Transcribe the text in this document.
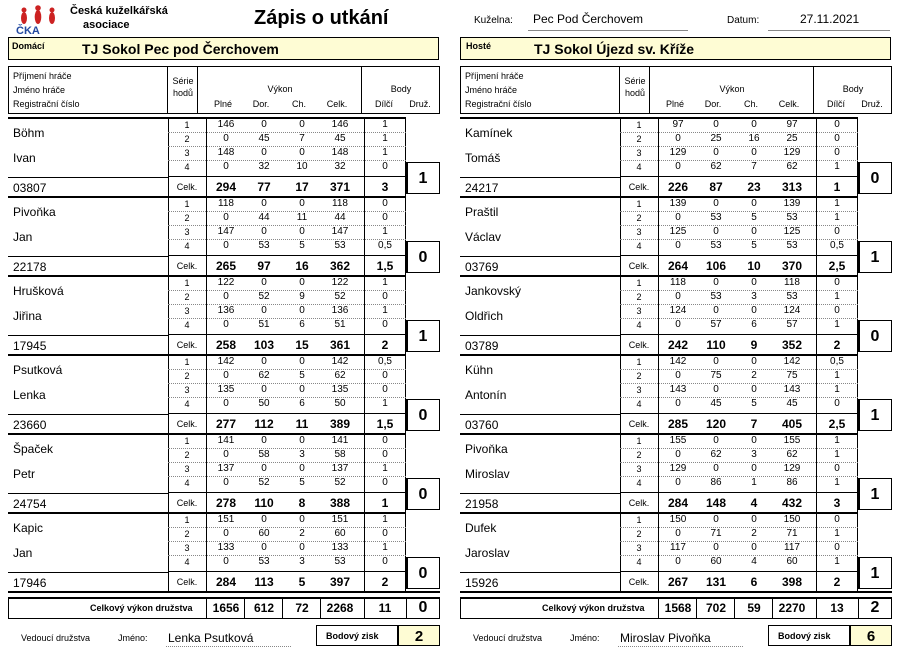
ČKA
Česká kuželkářská
asociace	Zápis o utkání	Kuželna: Pec Pod Čerchovem	Datum:	27.11.2021
Domácí	TJ Sokol Pec pod Čerchovem	Hosté	TJ Sokol Újezd sv. Kříže
Příjmení hráče
Jméno hráče
Registrační číslo
Série
hodů	Výkon
Plné	Dor.	Ch.	Celk.
Body
Dílčí	Druž.
Böhm
Ivan
03807
1	146	0	0	146	1
2	0	45	7	45	1
3	148	0	0	148	1
4	0	32	10	32	0
Celk.	294	77	17	371	3	1
Pivoňka
Jan
22178
1	118	0	0	118	0
2	0	44	11	44	0
3	147	0	0	147	1
4	0	53	5	53	0,5
Celk.	265	97	16	362	1,5	0
Hrušková
Jiřina
17945
1	122	0	0	122	1
2	0	52	9	52	0
3	136	0	0	136	1
4	0	51	6	51	0
Celk.	258	103	15	361	2	1
Psutková
Lenka
23660
1	142	0	0	142	0,5
2	0	62	5	62	0
3	135	0	0	135	0
4	0	50	6	50	1
Celk.	277	112	11	389	1,5	0
Špaček
Petr
24754
1	141	0	0	141	0
2	0	58	3	58	0
3	137	0	0	137	1
4	0	52	5	52	0
Celk.	278	110	8	388	1	0
Kapic
Jan
17946
1	151	0	0	151	1
2	0	60	2	60	0
3	133	0	0	133	1
4	0	53	3	53	0
Celk.	284	113	5	397	2	0
Celkový výkon družstva	1656	612	72	2268	11	0
Vedoucí družstva	Jméno: Lenka Psutková	Bodový zisk	2
Příjmení hráče
Jméno hráče
Registrační číslo
Série
hodů	Výkon
Plné	Dor.	Ch.	Celk.
Body
Dílčí	Druž.
Kamínek
Tomáš
24217
1	97	0	0	97	0
2	0	25	16	25	0
3	129	0	0	129	0
4	0	62	7	62	1
Celk.	226	87	23	313	1	0
Praštil
Václav
03769
1	139	0	0	139	1
2	0	53	5	53	1
3	125	0	0	125	0
4	0	53	5	53	0,5
Celk.	264	106	10	370	2,5	1
Jankovský
Oldřich
03789
1	118	0	0	118	0
2	0	53	3	53	1
3	124	0	0	124	0
4	0	57	6	57	1
Celk.	242	110	9	352	2	0
Kühn
Antonín
03760
1	142	0	0	142	0,5
2	0	75	2	75	1
3	143	0	0	143	1
4	0	45	5	45	0
Celk.	285	120	7	405	2,5	1
Pivoňka
Miroslav
21958
1	155	0	0	155	1
2	0	62	3	62	1
3	129	0	0	129	0
4	0	86	1	86	1
Celk.	284	148	4	432	3	1
Dufek
Jaroslav
15926
1	150	0	0	150	0
2	0	71	2	71	1
3	117	0	0	117	0
4	0	60	4	60	1
Celk.	267	131	6	398	2	1
Celkový výkon družstva	1568	702	59	2270	13	2
Vedoucí družstva	Jméno: Miroslav Pivoňka	Bodový zisk	6
